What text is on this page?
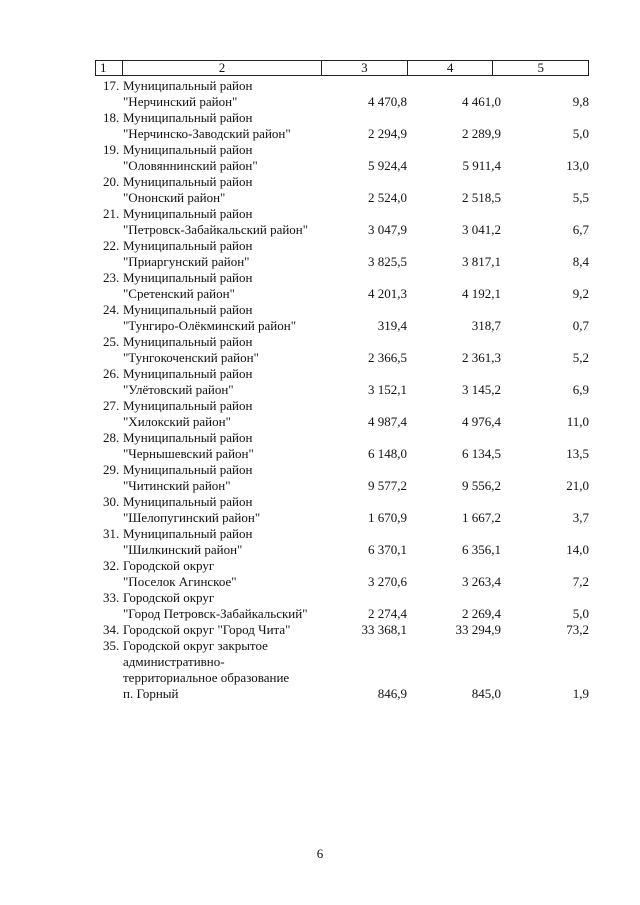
1	2	3	4	5
17. Муниципальный район
"Нерчинский район"	4 470,8	4 461,0	9,8
18. Муниципальный район
"Нерчинско-Заводский район"	2 294,9	2 289,9	5,0
19. Муниципальный район
"Оловяннинский район"	5 924,4	5 911,4	13,0
20. Муниципальный район
"Ононский район"	2 524,0	2 518,5	5,5
21. Муниципальный район
"Петровск-Забайкальский район"	3 047,9	3 041,2	6,7
22. Муниципальный район
"Приаргунский район"	3 825,5	3 817,1	8,4
23. Муниципальный район
"Сретенский район"	4 201,3	4 192,1	9,2
24. Муниципальный район
"Тунгиро-Олёкминский район"	319,4	318,7	0,7
25. Муниципальный район
"Тунгокоченский район"	2 366,5	2 361,3	5,2
26. Муниципальный район
"Улётовский район"	3 152,1	3 145,2	6,9
27. Муниципальный район
"Хилокский район"	4 987,4	4 976,4	11,0
28. Муниципальный район
"Чернышевский район"	6 148,0	6 134,5	13,5
29. Муниципальный район
"Читинский район"	9 577,2	9 556,2	21,0
30. Муниципальный район
"Шелопугинский район"	1 670,9	1 667,2	3,7
31. Муниципальный район
"Шилкинский район"	6 370,1	6 356,1	14,0
32. Городской округ
"Поселок Агинское"	3 270,6	3 263,4	7,2
33. Городской округ
"Город Петровск-Забайкальский"	2 274,4	2 269,4	5,0
34. Городской округ "Город Чита"	33 368,1	33 294,9	73,2
35. Городской округ закрытое
административно-
территориальное образование
п. Горный	846,9	845,0	1,9
6
